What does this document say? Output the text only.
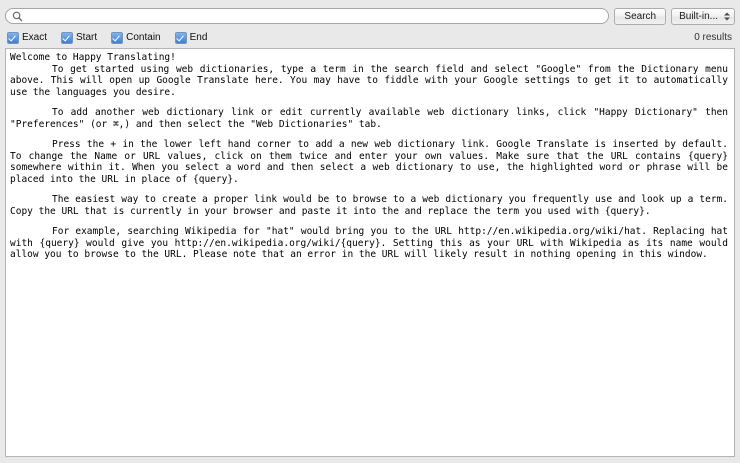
Search	Built-in...
Exact	Start	Contain	End	0 results

Welcome to Happy Translating!

To get started using web dictionaries, type a term in the search field and select "Google" from the Dictionary menu above. This will open up Google Translate here. You may have to fiddle with your Google settings to get it to automatically use the languages you desire.

To add another web dictionary link or edit currently available web dictionary links, click "Happy Dictionary" then "Preferences" (or ⌘,) and then select the "Web Dictionaries" tab.

Press the + in the lower left hand corner to add a new web dictionary link. Google Translate is inserted by default. To change the Name or URL values, click on them twice and enter your own values. Make sure that the URL contains {query} somewhere within it. When you select a word and then select a web dictionary to use, the highlighted word or phrase will be placed into the URL in place of {query}.

The easiest way to create a proper link would be to browse to a web dictionary you frequently use and look up a term. Copy the URL that is currently in your browser and paste it into the and replace the term you used with {query}.

For example, searching Wikipedia for "hat" would bring you to the URL http://en.wikipedia.org/wiki/hat. Replacing hat with {query} would give you http://en.wikipedia.org/wiki/{query}. Setting this as your URL with Wikipedia as its name would allow you to browse to the URL. Please note that an error in the URL will likely result in nothing opening in this window.
